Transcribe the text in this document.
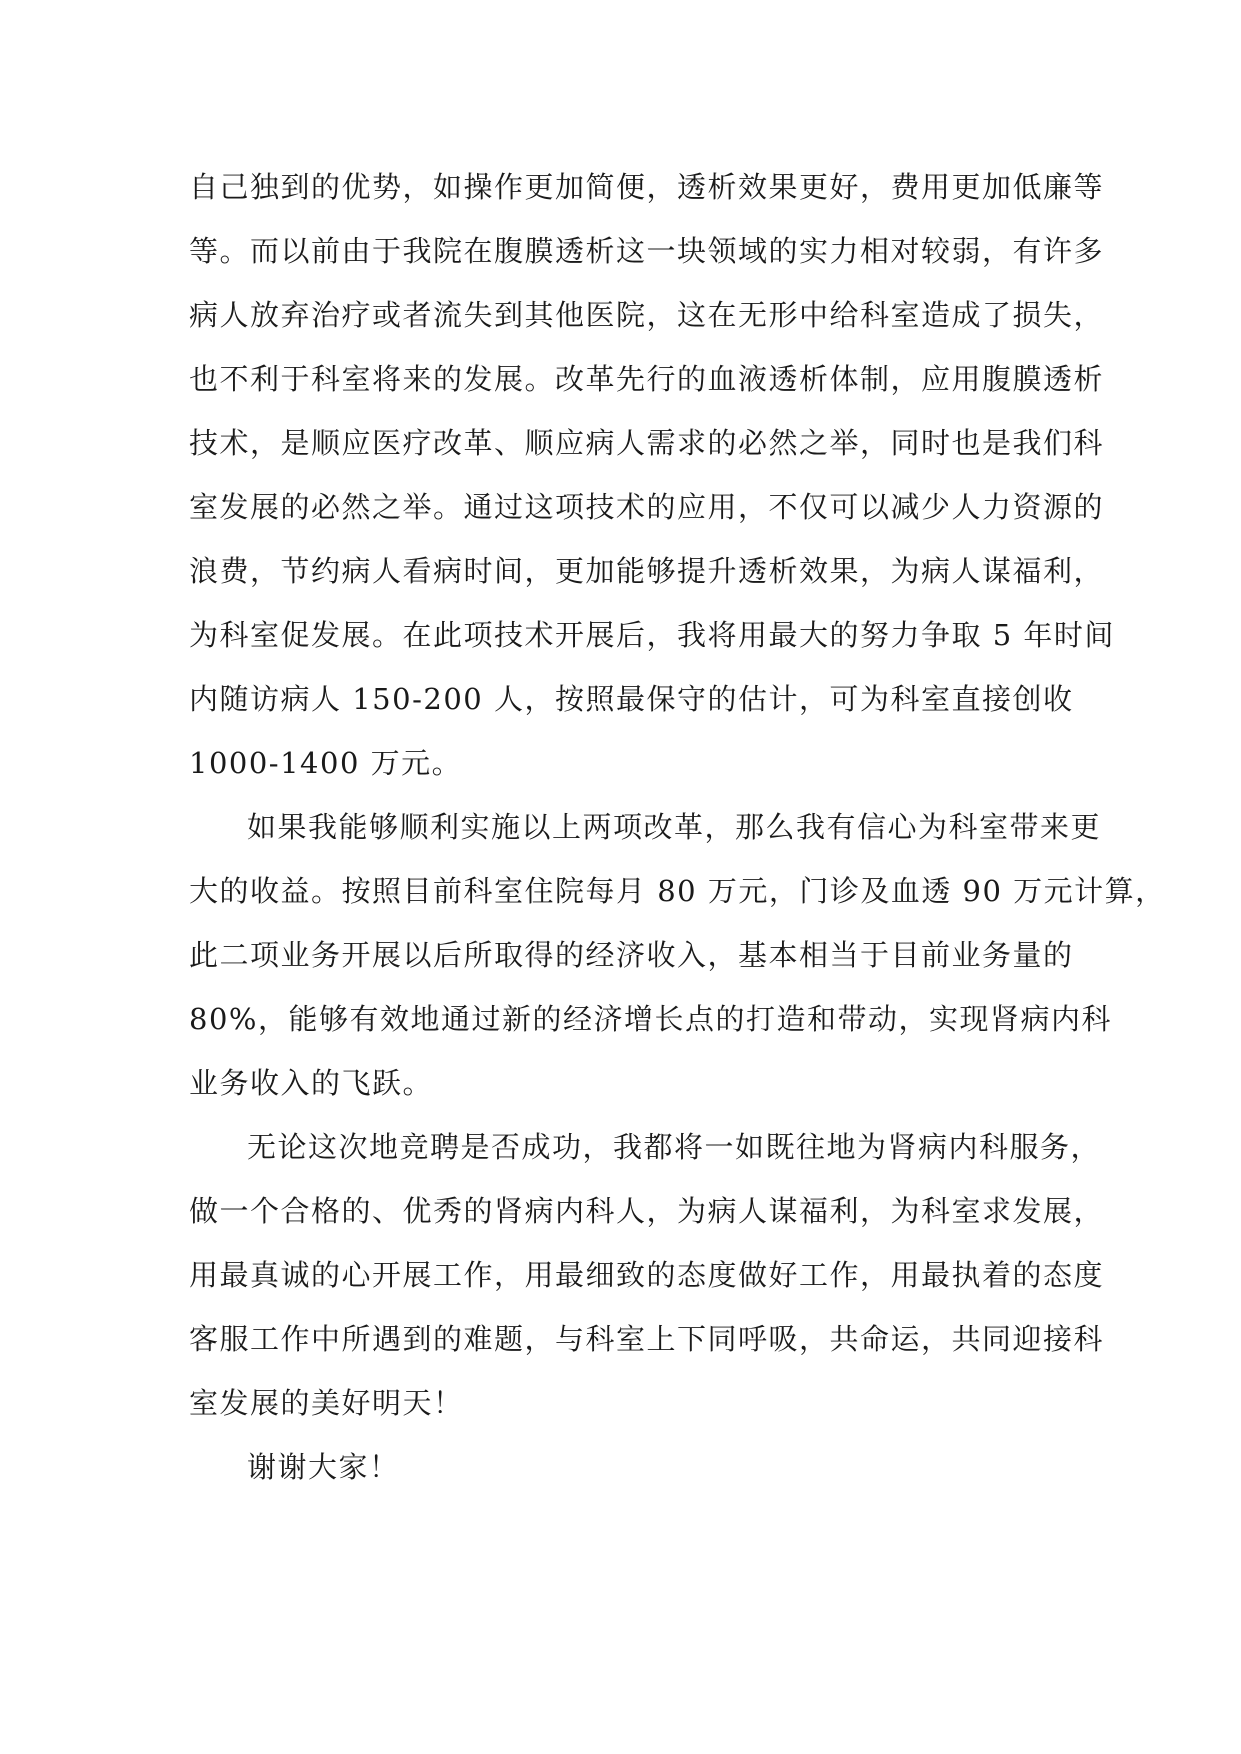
自己独到的优势，如操作更加简便，透析效果更好，费用更加低廉等
等。而以前由于我院在腹膜透析这一块领域的实力相对较弱，有许多
病人放弃治疗或者流失到其他医院，这在无形中给科室造成了损失，
也不利于科室将来的发展。改革先行的血液透析体制，应用腹膜透析
技术，是顺应医疗改革、顺应病人需求的必然之举，同时也是我们科
室发展的必然之举。通过这项技术的应用，不仅可以减少人力资源的
浪费，节约病人看病时间，更加能够提升透析效果，为病人谋福利，
为科室促发展。在此项技术开展后，我将用最大的努力争取 5 年时间
内随访病人 150-200 人，按照最保守的估计，可为科室直接创收
1000-1400 万元。
如果我能够顺利实施以上两项改革，那么我有信心为科室带来更
大的收益。按照目前科室住院每月 80 万元，门诊及血透 90 万元计算，
此二项业务开展以后所取得的经济收入，基本相当于目前业务量的
80%，能够有效地通过新的经济增长点的打造和带动，实现肾病内科
业务收入的飞跃。
无论这次地竞聘是否成功，我都将一如既往地为肾病内科服务，
做一个合格的、优秀的肾病内科人，为病人谋福利，为科室求发展，
用最真诚的心开展工作，用最细致的态度做好工作，用最执着的态度
客服工作中所遇到的难题，与科室上下同呼吸，共命运，共同迎接科
室发展的美好明天！
谢谢大家！
